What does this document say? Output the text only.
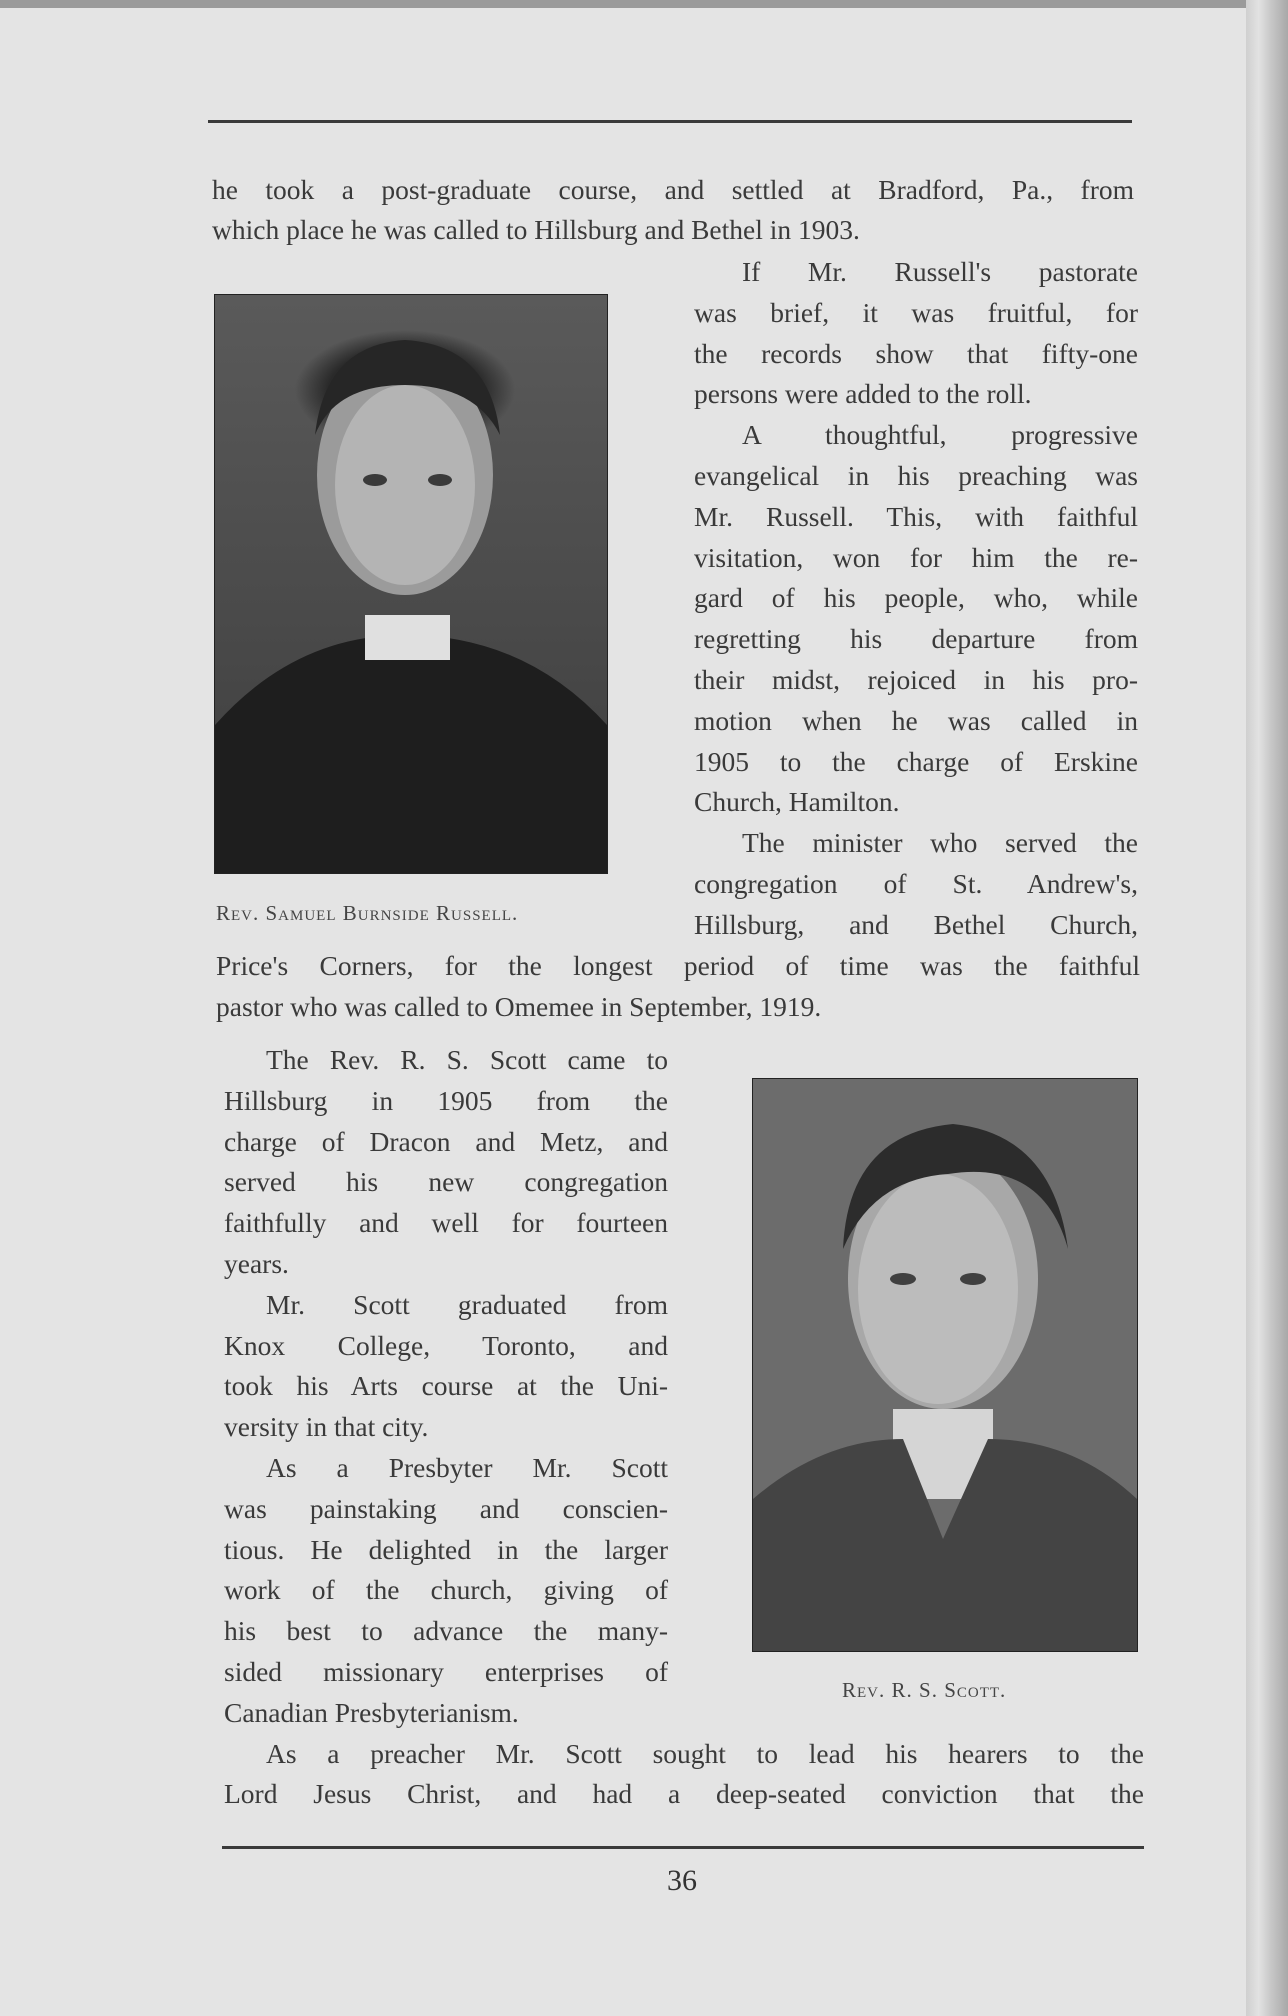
he took a post-graduate course, and settled at Bradford, Pa., from
which place he was called to Hillsburg and Bethel in 1903.
If Mr. Russell's pastorate
was brief, it was fruitful, for
the records show that fifty-one
persons were added to the roll.
A thoughtful, progressive
evangelical in his preaching was
Mr. Russell. This, with faithful
visitation, won for him the re-
gard of his people, who, while
regretting his departure from
their midst, rejoiced in his pro-
motion when he was called in
1905 to the charge of Erskine
Church, Hamilton.
The minister who served the
congregation of St. Andrew's,
Hillsburg, and Bethel Church,
Price's Corners, for the longest period of time was the faithful
pastor who was called to Omemee in September, 1919.
The Rev. R. S. Scott came to
Hillsburg in 1905 from the
charge of Dracon and Metz, and
served his new congregation
faithfully and well for fourteen
years.
Mr. Scott graduated from
Knox College, Toronto, and
took his Arts course at the Uni-
versity in that city.
As a Presbyter Mr. Scott
was painstaking and conscien-
tious. He delighted in the larger
work of the church, giving of
his best to advance the many-
sided missionary enterprises of
Canadian Presbyterianism.
As a preacher Mr. Scott sought to lead his hearers to the
Lord Jesus Christ, and had a deep-seated conviction that the
Rev. Samuel Burnside Russell.
Rev. R. S. Scott.
36
